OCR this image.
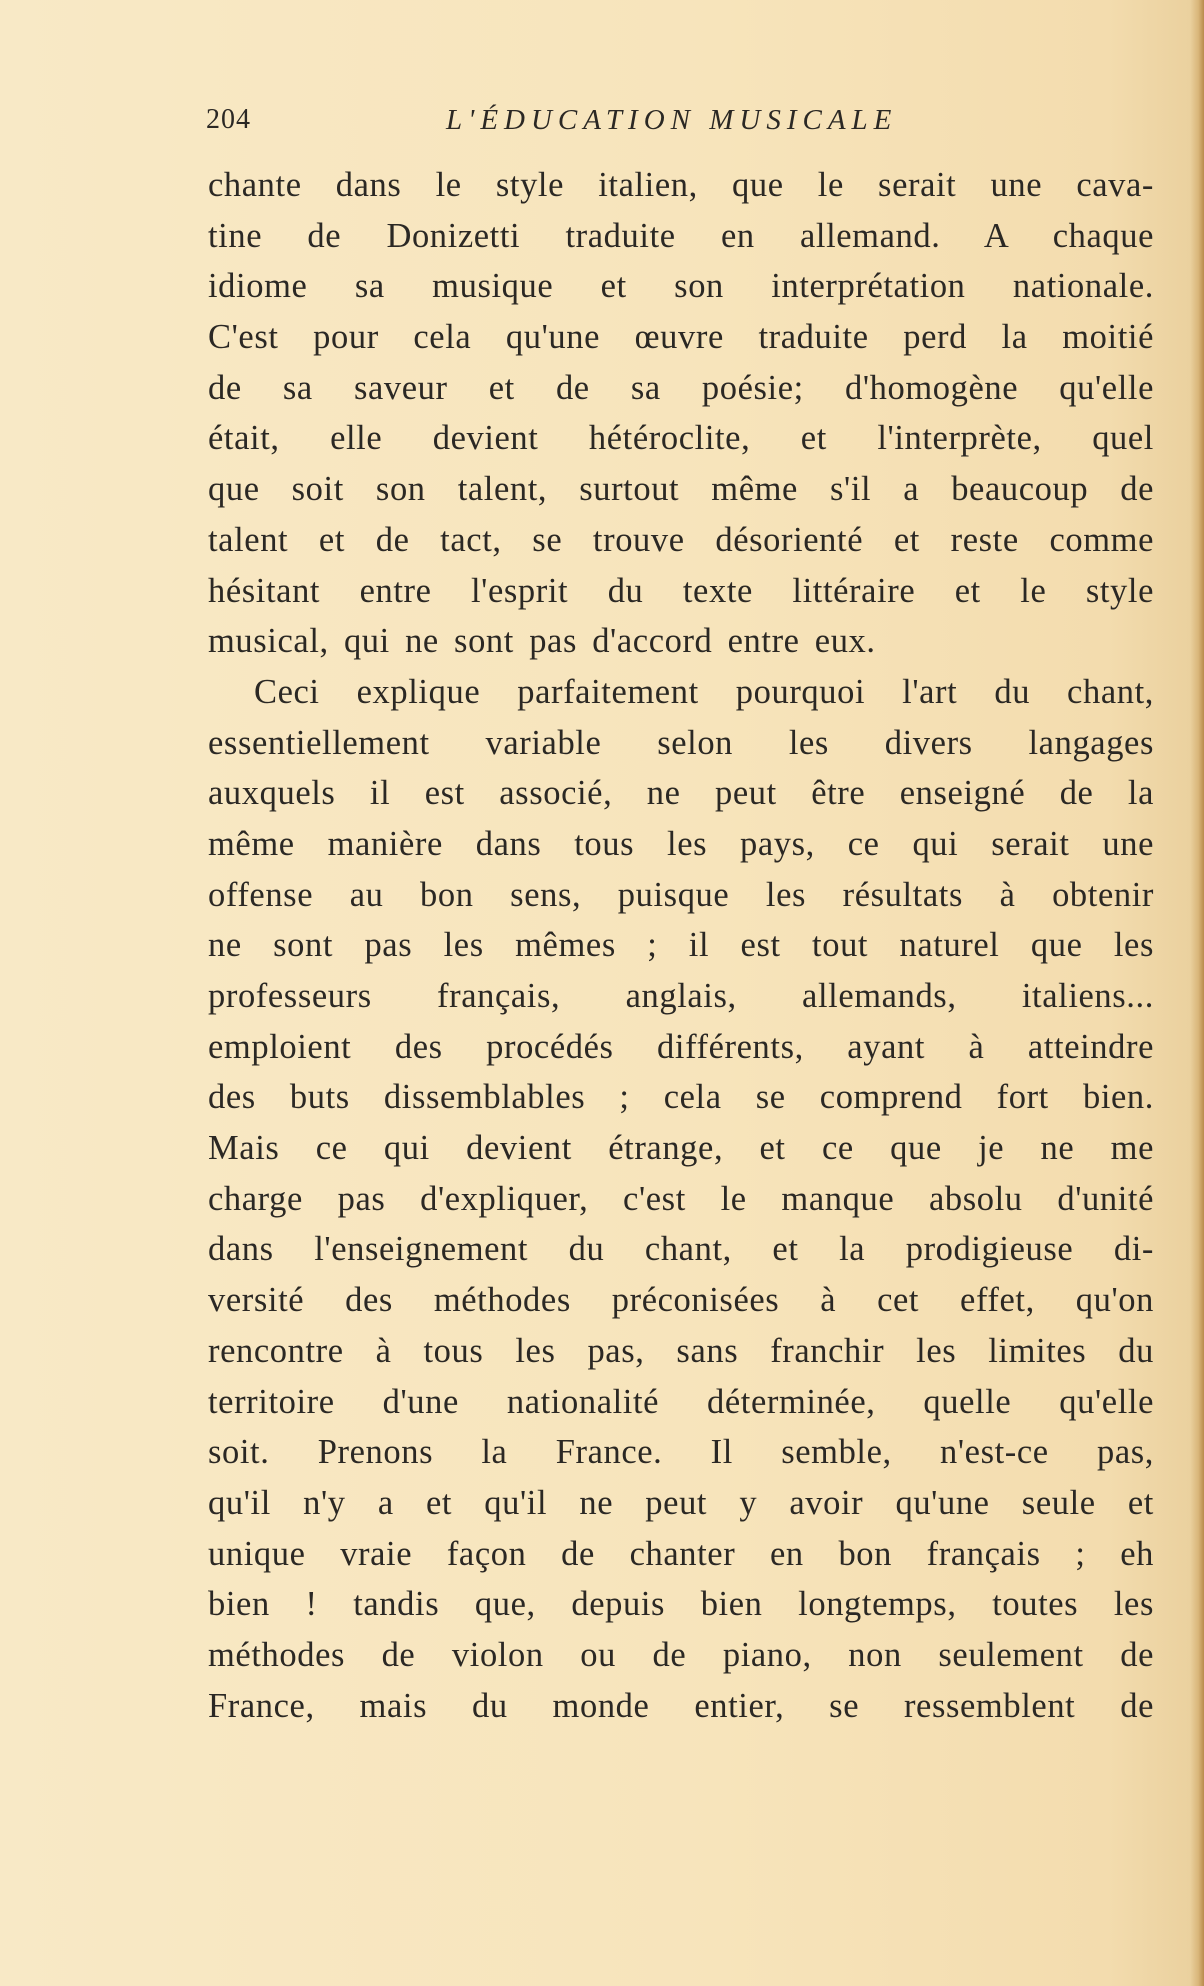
204	L'ÉDUCATION MUSICALE
chante dans le style italien, que le serait une cava-
tine de Donizetti traduite en allemand. A chaque
idiome sa musique et son interprétation nationale.
C'est pour cela qu'une œuvre traduite perd la moitié
de sa saveur et de sa poésie; d'homogène qu'elle
était, elle devient hétéroclite, et l'interprète, quel
que soit son talent, surtout même s'il a beaucoup de
talent et de tact, se trouve désorienté et reste comme
hésitant entre l'esprit du texte littéraire et le style
musical, qui ne sont pas d'accord entre eux.
Ceci explique parfaitement pourquoi l'art du chant,
essentiellement variable selon les divers langages
auxquels il est associé, ne peut être enseigné de la
même manière dans tous les pays, ce qui serait une
offense au bon sens, puisque les résultats à obtenir
ne sont pas les mêmes ; il est tout naturel que les
professeurs français, anglais, allemands, italiens...
emploient des procédés différents, ayant à atteindre
des buts dissemblables ; cela se comprend fort bien.
Mais ce qui devient étrange, et ce que je ne me
charge pas d'expliquer, c'est le manque absolu d'unité
dans l'enseignement du chant, et la prodigieuse di-
versité des méthodes préconisées à cet effet, qu'on
rencontre à tous les pas, sans franchir les limites du
territoire d'une nationalité déterminée, quelle qu'elle
soit. Prenons la France. Il semble, n'est-ce pas,
qu'il n'y a et qu'il ne peut y avoir qu'une seule et
unique vraie façon de chanter en bon français ; eh
bien ! tandis que, depuis bien longtemps, toutes les
méthodes de violon ou de piano, non seulement de
France, mais du monde entier, se ressemblent de
